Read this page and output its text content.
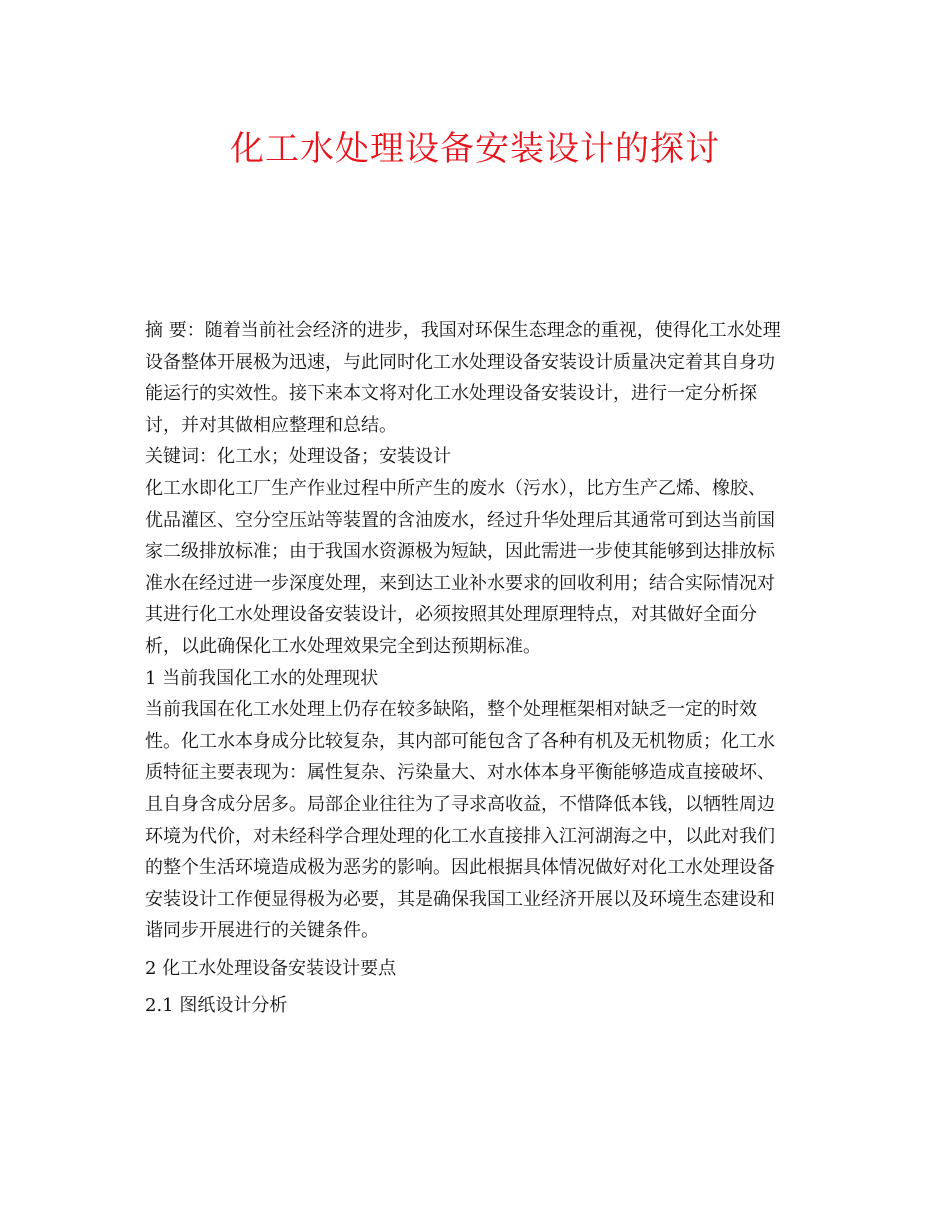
化工水处理设备安装设计的探讨
摘 要：随着当前社会经济的进步，我国对环保生态理念的重视，使得化工水处理
设备整体开展极为迅速，与此同时化工水处理设备安装设计质量决定着其自身功
能运行的实效性。接下来本文将对化工水处理设备安装设计，进行一定分析探
讨，并对其做相应整理和总结。
关键词：化工水；处理设备；安装设计
化工水即化工厂生产作业过程中所产生的废水（污水），比方生产乙烯、橡胶、
优品灌区、空分空压站等装置的含油废水，经过升华处理后其通常可到达当前国
家二级排放标准；由于我国水资源极为短缺，因此需进一步使其能够到达排放标
准水在经过进一步深度处理，来到达工业补水要求的回收利用；结合实际情况对
其进行化工水处理设备安装设计，必须按照其处理原理特点，对其做好全面分
析，以此确保化工水处理效果完全到达预期标准。
1 当前我国化工水的处理现状
当前我国在化工水处理上仍存在较多缺陷，整个处理框架相对缺乏一定的时效
性。化工水本身成分比较复杂，其内部可能包含了各种有机及无机物质；化工水
质特征主要表现为：属性复杂、污染量大、对水体本身平衡能够造成直接破坏、
且自身含成分居多。局部企业往往为了寻求高收益，不惜降低本钱，以牺牲周边
环境为代价，对未经科学合理处理的化工水直接排入江河湖海之中，以此对我们
的整个生活环境造成极为恶劣的影响。因此根据具体情况做好对化工水处理设备
安装设计工作便显得极为必要，其是确保我国工业经济开展以及环境生态建设和
谐同步开展进行的关键条件。
2 化工水处理设备安装设计要点
2.1 图纸设计分析
